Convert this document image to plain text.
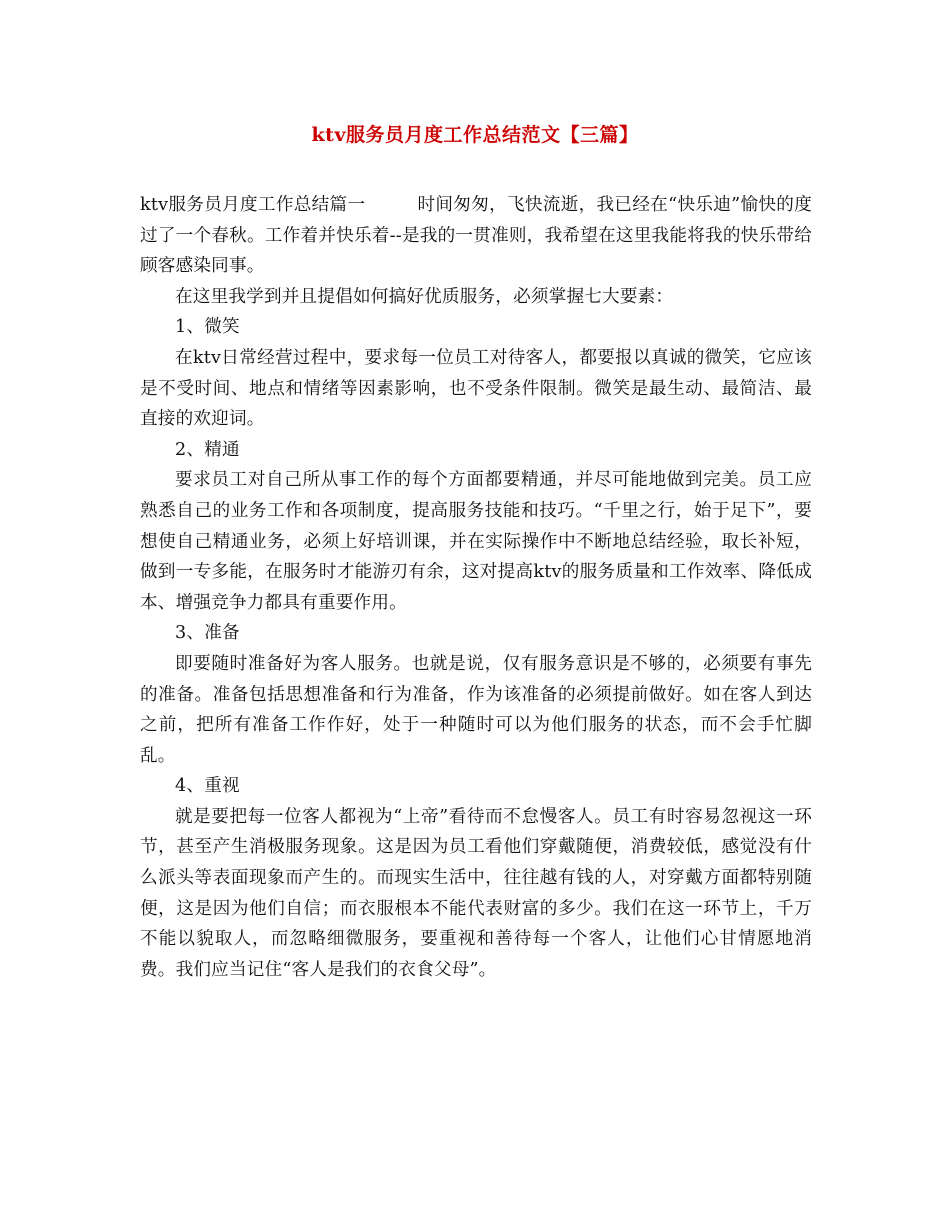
ktv服务员月度工作总结范文【三篇】

ktv服务员月度工作总结篇一	时间匆匆，飞快流逝，我已经在“快乐迪”愉快的度过了一个春秋。工作着并快乐着--是我的一贯准则，我希望在这里我能将我的快乐带给顾客感染同事。

在这里我学到并且提倡如何搞好优质服务，必须掌握七大要素：

1、微笑

在ktv日常经营过程中，要求每一位员工对待客人，都要报以真诚的微笑，它应该是不受时间、地点和情绪等因素影响，也不受条件限制。微笑是最生动、最简洁、最直接的欢迎词。

2、精通

要求员工对自己所从事工作的每个方面都要精通，并尽可能地做到完美。员工应熟悉自己的业务工作和各项制度，提高服务技能和技巧。“千里之行，始于足下”，要想使自己精通业务，必须上好培训课，并在实际操作中不断地总结经验，取长补短，做到一专多能，在服务时才能游刃有余，这对提高ktv的服务质量和工作效率、降低成本、增强竞争力都具有重要作用。

3、准备

即要随时准备好为客人服务。也就是说，仅有服务意识是不够的，必须要有事先的准备。准备包括思想准备和行为准备，作为该准备的必须提前做好。如在客人到达之前，把所有准备工作作好，处于一种随时可以为他们服务的状态，而不会手忙脚乱。

4、重视

就是要把每一位客人都视为“上帝”看待而不怠慢客人。员工有时容易忽视这一环节，甚至产生消极服务现象。这是因为员工看他们穿戴随便，消费较低，感觉没有什么派头等表面现象而产生的。而现实生活中，往往越有钱的人，对穿戴方面都特别随便，这是因为他们自信；而衣服根本不能代表财富的多少。我们在这一环节上，千万不能以貌取人，而忽略细微服务，要重视和善待每一个客人，让他们心甘情愿地消费。我们应当记住“客人是我们的衣食父母”。
